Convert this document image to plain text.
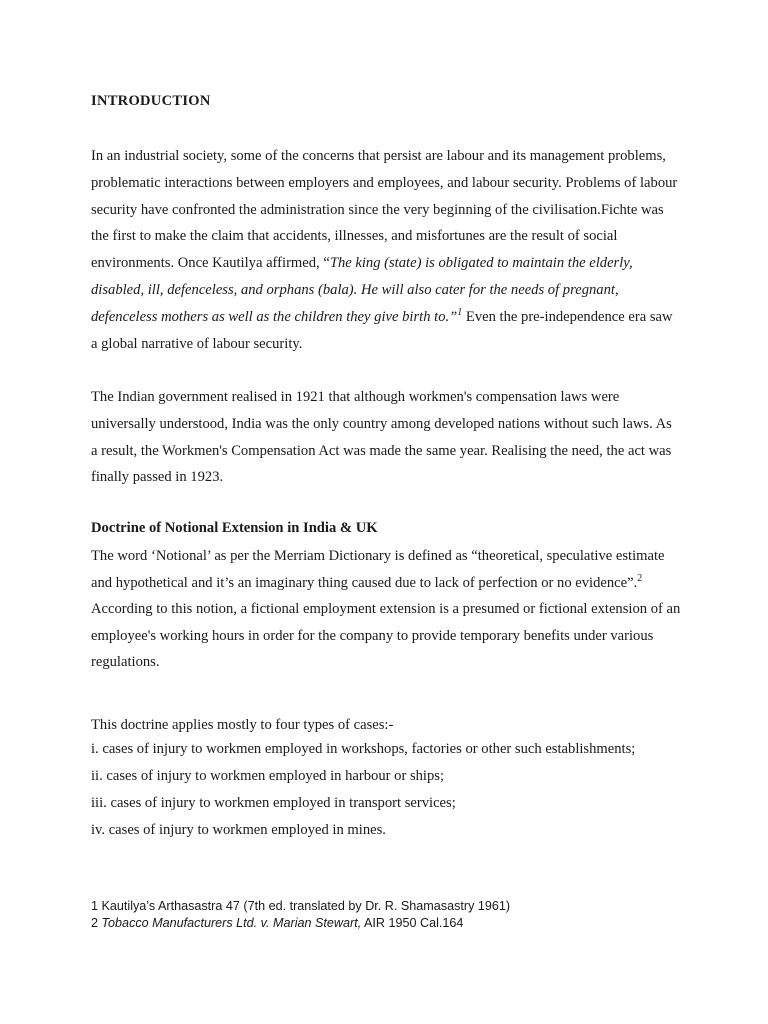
INTRODUCTION

In an industrial society, some of the concerns that persist are labour and its management problems, problematic interactions between employers and employees, and labour security. Problems of labour security have confronted the administration since the very beginning of the civilisation.Fichte was the first to make the claim that accidents, illnesses, and misfortunes are the result of social environments. Once Kautilya affirmed, “The king (state) is obligated to maintain the elderly, disabled, ill, defenceless, and orphans (bala). He will also cater for the needs of pregnant, defenceless mothers as well as the children they give birth to.”$^1$ Even the pre-independence era saw a global narrative of labour security.

The Indian government realised in 1921 that although workmen's compensation laws were universally understood, India was the only country among developed nations without such laws. As a result, the Workmen's Compensation Act was made the same year. Realising the need, the act was finally passed in 1923.

Doctrine of Notional Extension in India & UK

The word ‘Notional’ as per the Merriam Dictionary is defined as “theoretical, speculative estimate and hypothetical and it’s an imaginary thing caused due to lack of perfection or no evidence”.$^2$ According to this notion, a fictional employment extension is a presumed or fictional extension of an employee's working hours in order for the company to provide temporary benefits under various regulations.

This doctrine applies mostly to four types of cases:-

i. cases of injury to workmen employed in workshops, factories or other such establishments;
ii. cases of injury to workmen employed in harbour or ships;
iii. cases of injury to workmen employed in transport services;
iv. cases of injury to workmen employed in mines.
1 Kautilya’s Arthasastra 47 (7th ed. translated by Dr. R. Shamasastry 1961)
2 Tobacco Manufacturers Ltd. v. Marian Stewart, AIR 1950 Cal.164
